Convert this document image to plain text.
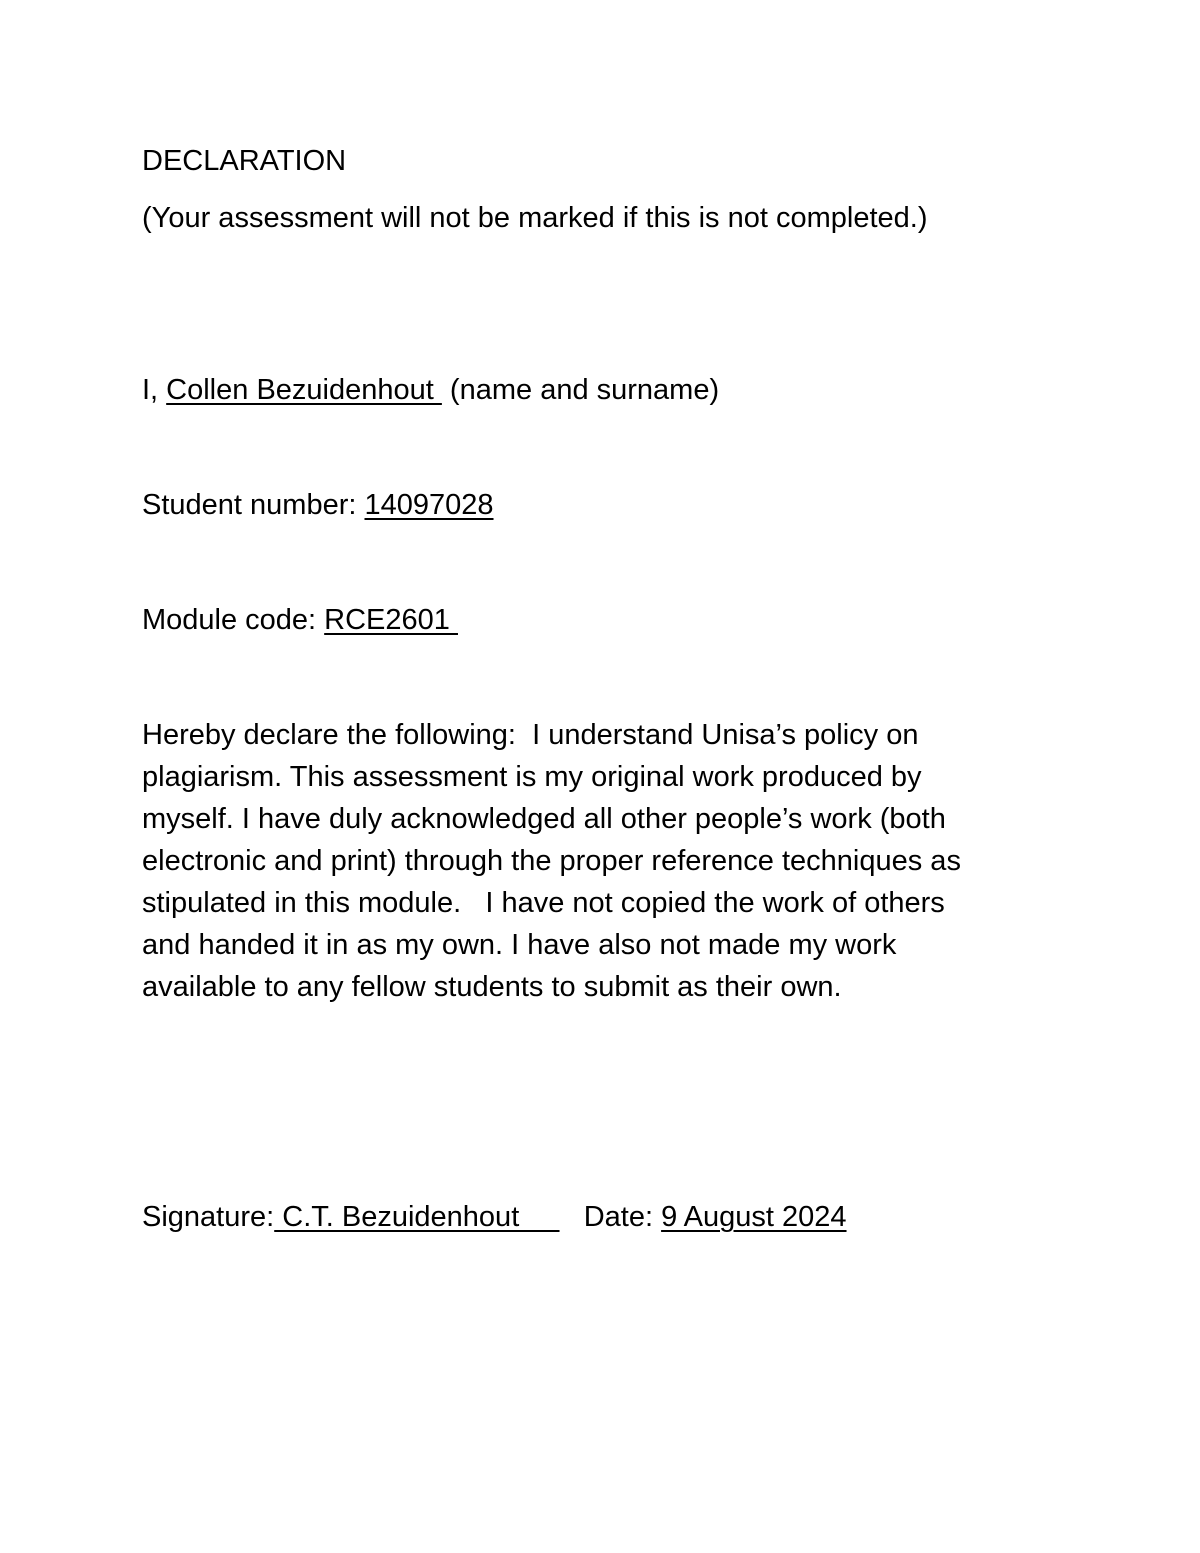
DECLARATION
(Your assessment will not be marked if this is not completed.)
I, Collen Bezuidenhout  (name and surname)
Student number: 14097028
Module code: RCE2601
Hereby declare the following:  I understand Unisa’s policy on
plagiarism. This assessment is my original work produced by
myself. I have duly acknowledged all other people’s work (both
electronic and print) through the proper reference techniques as
stipulated in this module.   I have not copied the work of others
and handed it in as my own. I have also not made my work
available to any fellow students to submit as their own.
Signature: C.T. Bezuidenhout        Date: 9 August 2024
